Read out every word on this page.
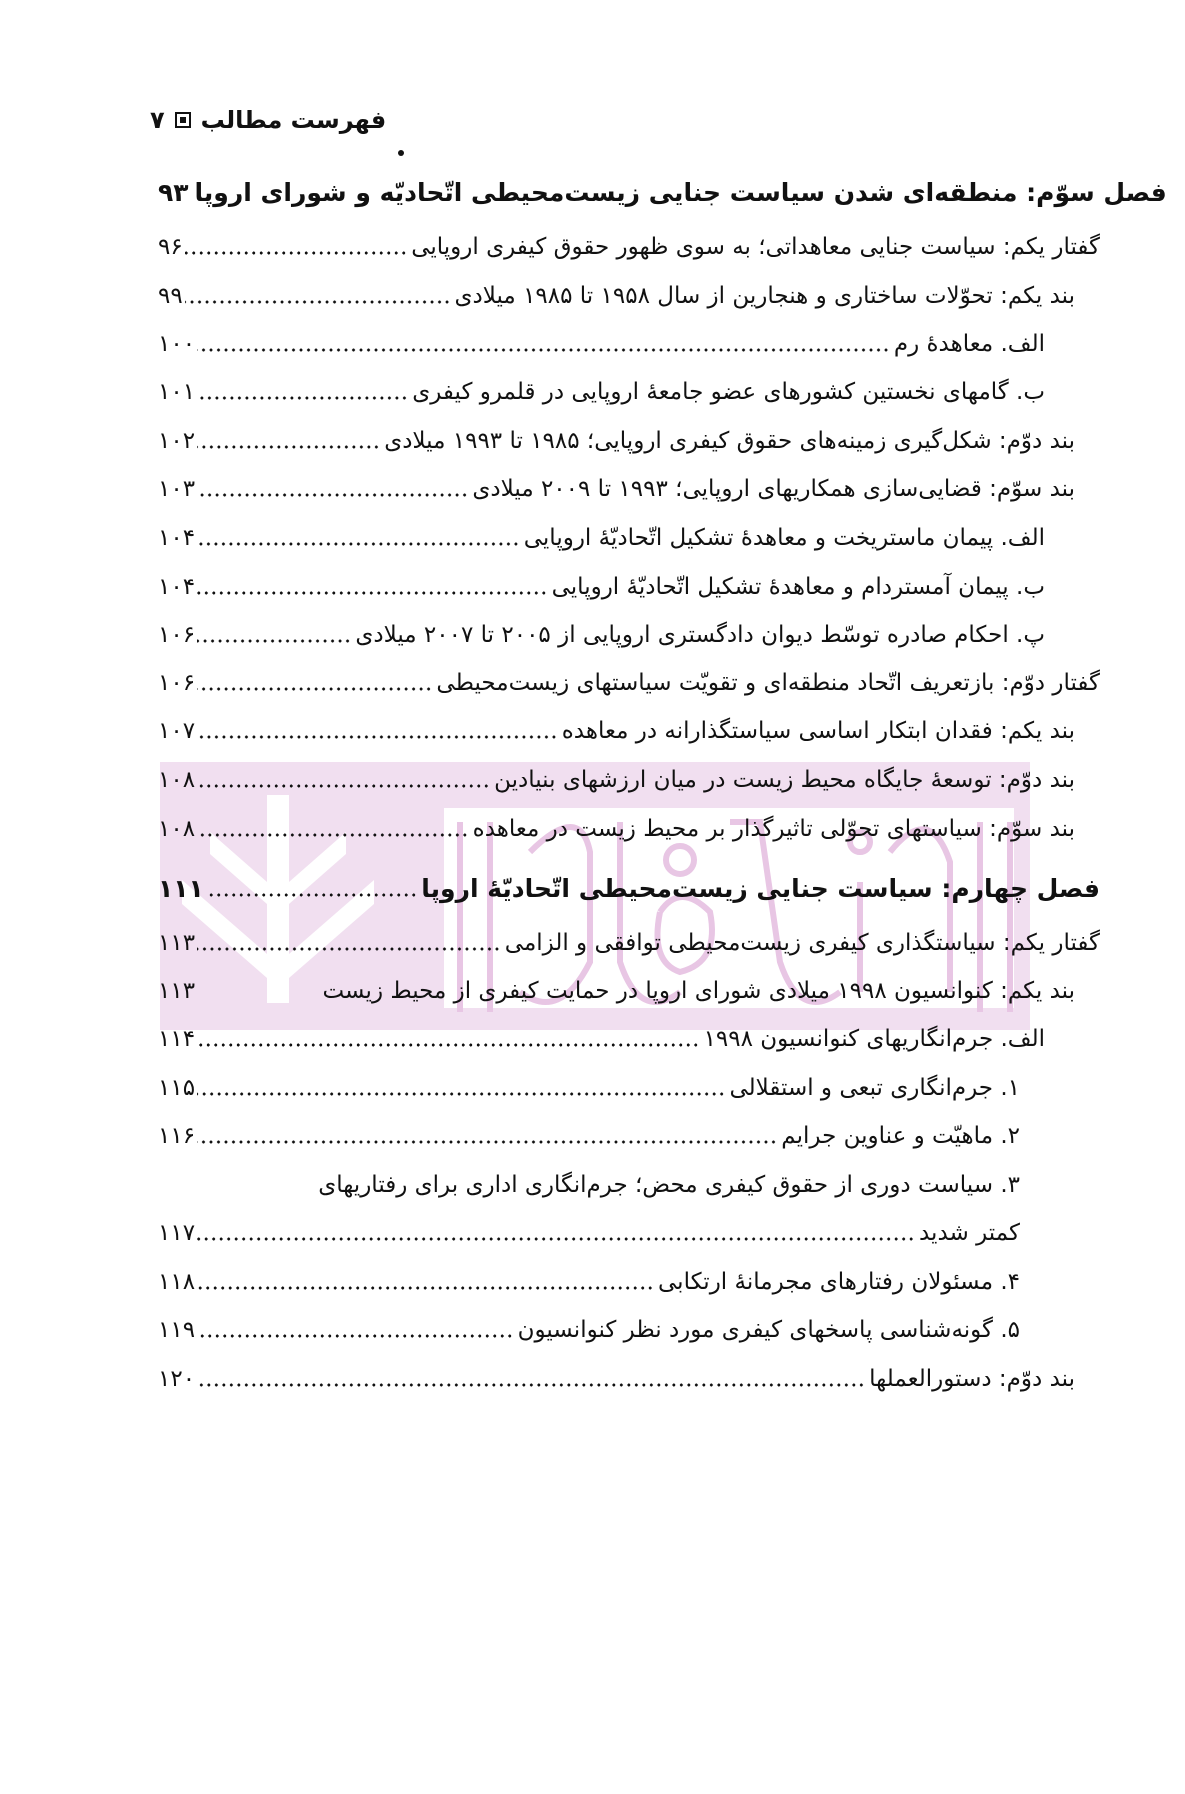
۷ فهرست مطالب
۹۳ فصل سوّم: منطقه‌ای شدن سیاست جنایی زیست‌محیطی اتّحادیّه و شورای اروپا
۹۶	گفتار یکم: سیاست جنایی معاهداتی؛ به سوی ظهور حقوق کیفری اروپایی
۹۹	بند یکم: تحوّلات ساختاری و هنجارین از سال ۱۹۵۸ تا ۱۹۸۵ میلادی
۱۰۰	الف. معاهدهٔ رم
۱۰۱	ب. گامهای نخستین کشورهای عضو جامعهٔ اروپایی در قلمرو کیفری
۱۰۲	بند دوّم: شکل‌گیری زمینه‌های حقوق کیفری اروپایی؛ ۱۹۸۵ تا ۱۹۹۳ میلادی
۱۰۳	بند سوّم: قضایی‌سازی همکاریهای اروپایی؛ ۱۹۹۳ تا ۲۰۰۹ میلادی
۱۰۴	الف. پیمان ماستریخت و معاهدهٔ تشکیل اتّحادیّهٔ اروپایی
۱۰۴	ب. پیمان آمستردام و معاهدهٔ تشکیل اتّحادیّهٔ اروپایی
۱۰۶	پ. احکام صادره توسّط دیوان دادگستری اروپایی از ۲۰۰۵ تا ۲۰۰۷ میلادی
۱۰۶	گفتار دوّم: بازتعریف اتّحاد منطقه‌ای و تقویّت سیاستهای زیست‌محیطی
۱۰۷	بند یکم: فقدان ابتکار اساسی سیاستگذارانه در معاهده
۱۰۸	بند دوّم: توسعهٔ جایگاه محیط زیست در میان ارزشهای بنیادین
۱۰۸	بند سوّم: سیاستهای تحوّلی تاثیرگذار بر محیط زیست در معاهده
۱۱۱	فصل چهارم: سیاست جنایی زیست‌محیطی اتّحادیّهٔ اروپا
۱۱۳	گفتار یکم: سیاستگذاری کیفری زیست‌محیطی توافقی و الزامی
۱۱۳	بند یکم: کنوانسیون ۱۹۹۸ میلادی شورای اروپا در حمایت کیفری از محیط زیست
۱۱۴	الف. جرم‌انگاریهای کنوانسیون ۱۹۹۸
۱۱۵	۱. جرم‌انگاری تبعی و استقلالی
۱۱۶	۲. ماهیّت و عناوین جرایم
۳. سیاست دوری از حقوق کیفری محض؛ جرم‌انگاری اداری برای رفتاریهای
۱۱۷	کمتر شدید
۱۱۸	۴. مسئولان رفتارهای مجرمانهٔ ارتکابی
۱۱۹	۵. گونه‌شناسی پاسخهای کیفری مورد نظر کنوانسیون
۱۲۰	بند دوّم: دستورالعملها
